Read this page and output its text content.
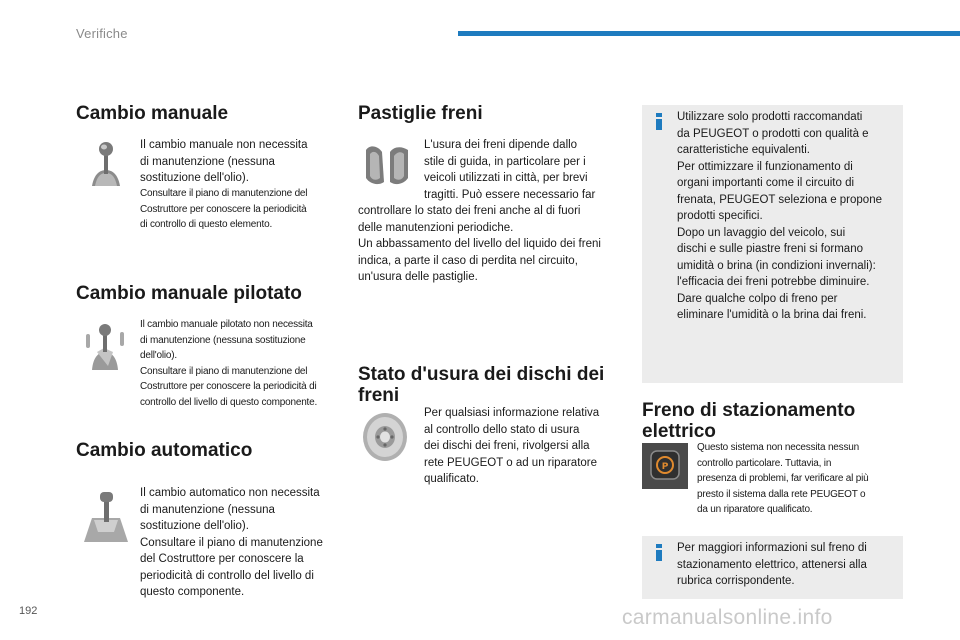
Verifiche
Cambio manuale

Il cambio manuale non necessita

di manutenzione (nessuna

sostituzione dell'olio).

Consultare il piano di manutenzione del

Costruttore per conoscere la periodicità

di controllo di questo elemento.

Cambio manuale pilotato

Il cambio manuale pilotato non necessita

di manutenzione (nessuna sostituzione

dell'olio).

Consultare il piano di manutenzione del

Costruttore per conoscere la periodicità di

controllo del livello di questo componente.

Cambio automatico

Il cambio automatico non necessita

di manutenzione (nessuna

sostituzione dell'olio).

Consultare il piano di manutenzione

del Costruttore per conoscere la

periodicità di controllo del livello di

questo componente.

Pastiglie freni

L'usura dei freni dipende dallo

stile di guida, in particolare per i

veicoli utilizzati in città, per brevi

tragitti. Può essere necessario far

controllare lo stato dei freni anche al di fuori

delle manutenzioni periodiche.

Un abbassamento del livello del liquido dei freni

indica, a parte il caso di perdita nel circuito,

un'usura delle pastiglie.

Stato d'usura dei dischi dei
freni

Per qualsiasi informazione relativa

al controllo dello stato di usura

dei dischi dei freni, rivolgersi alla

rete PEUGEOT o ad un riparatore

qualificato.

Utilizzare solo prodotti raccomandati

da PEUGEOT o prodotti con qualità e

caratteristiche equivalenti.

Per ottimizzare il funzionamento di

organi importanti come il circuito di

frenata, PEUGEOT seleziona e propone

prodotti specifici.

Dopo un lavaggio del veicolo, sui

dischi e sulle piastre freni si formano

umidità o brina (in condizioni invernali):

l'efficacia dei freni potrebbe diminuire.

Dare qualche colpo di freno per

eliminare l'umidità o la brina dai freni.

Freno di stazionamento
elettrico
P

Questo sistema non necessita nessun

controllo particolare. Tuttavia, in

presenza di problemi, far verificare al più

presto il sistema dalla rete PEUGEOT o

da un riparatore qualificato.

Per maggiori informazioni sul freno di

stazionamento elettrico, attenersi alla

rubrica corrispondente.

192	carmanualsonline.info
